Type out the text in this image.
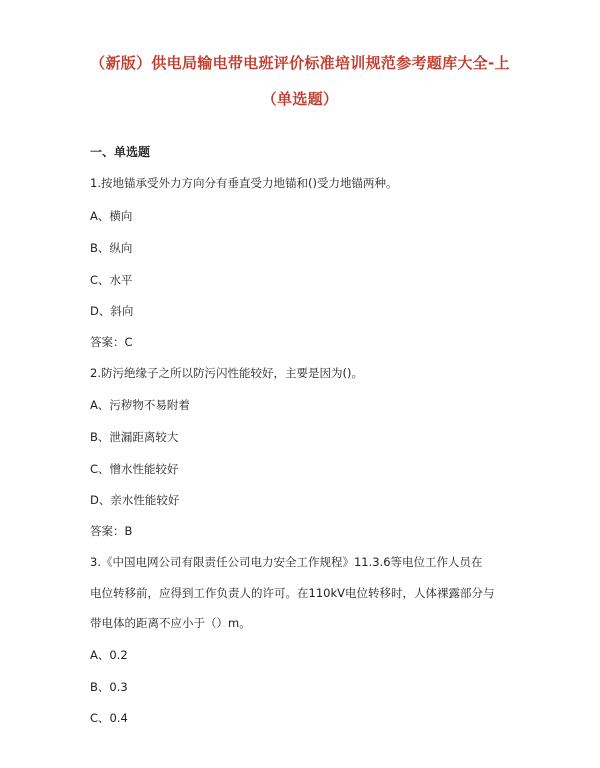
（新版）供电局输电带电班评价标准培训规范参考题库大全-上
（单选题）
一、单选题
1.按地锚承受外力方向分有垂直受力地锚和()受力地锚两种。
A、横向
B、纵向
C、水平
D、斜向
答案：C
2.防污绝缘子之所以防污闪性能较好，主要是因为()。
A、污秽物不易附着
B、泄漏距离较大
C、憎水性能较好
D、亲水性能较好
答案：B
3.《中国电网公司有限责任公司电力安全工作规程》11.3.6等电位工作人员在
电位转移前，应得到工作负责人的许可。在110kV电位转移时，人体裸露部分与
带电体的距离不应小于（）m。
A、0.2
B、0.3
C、0.4
